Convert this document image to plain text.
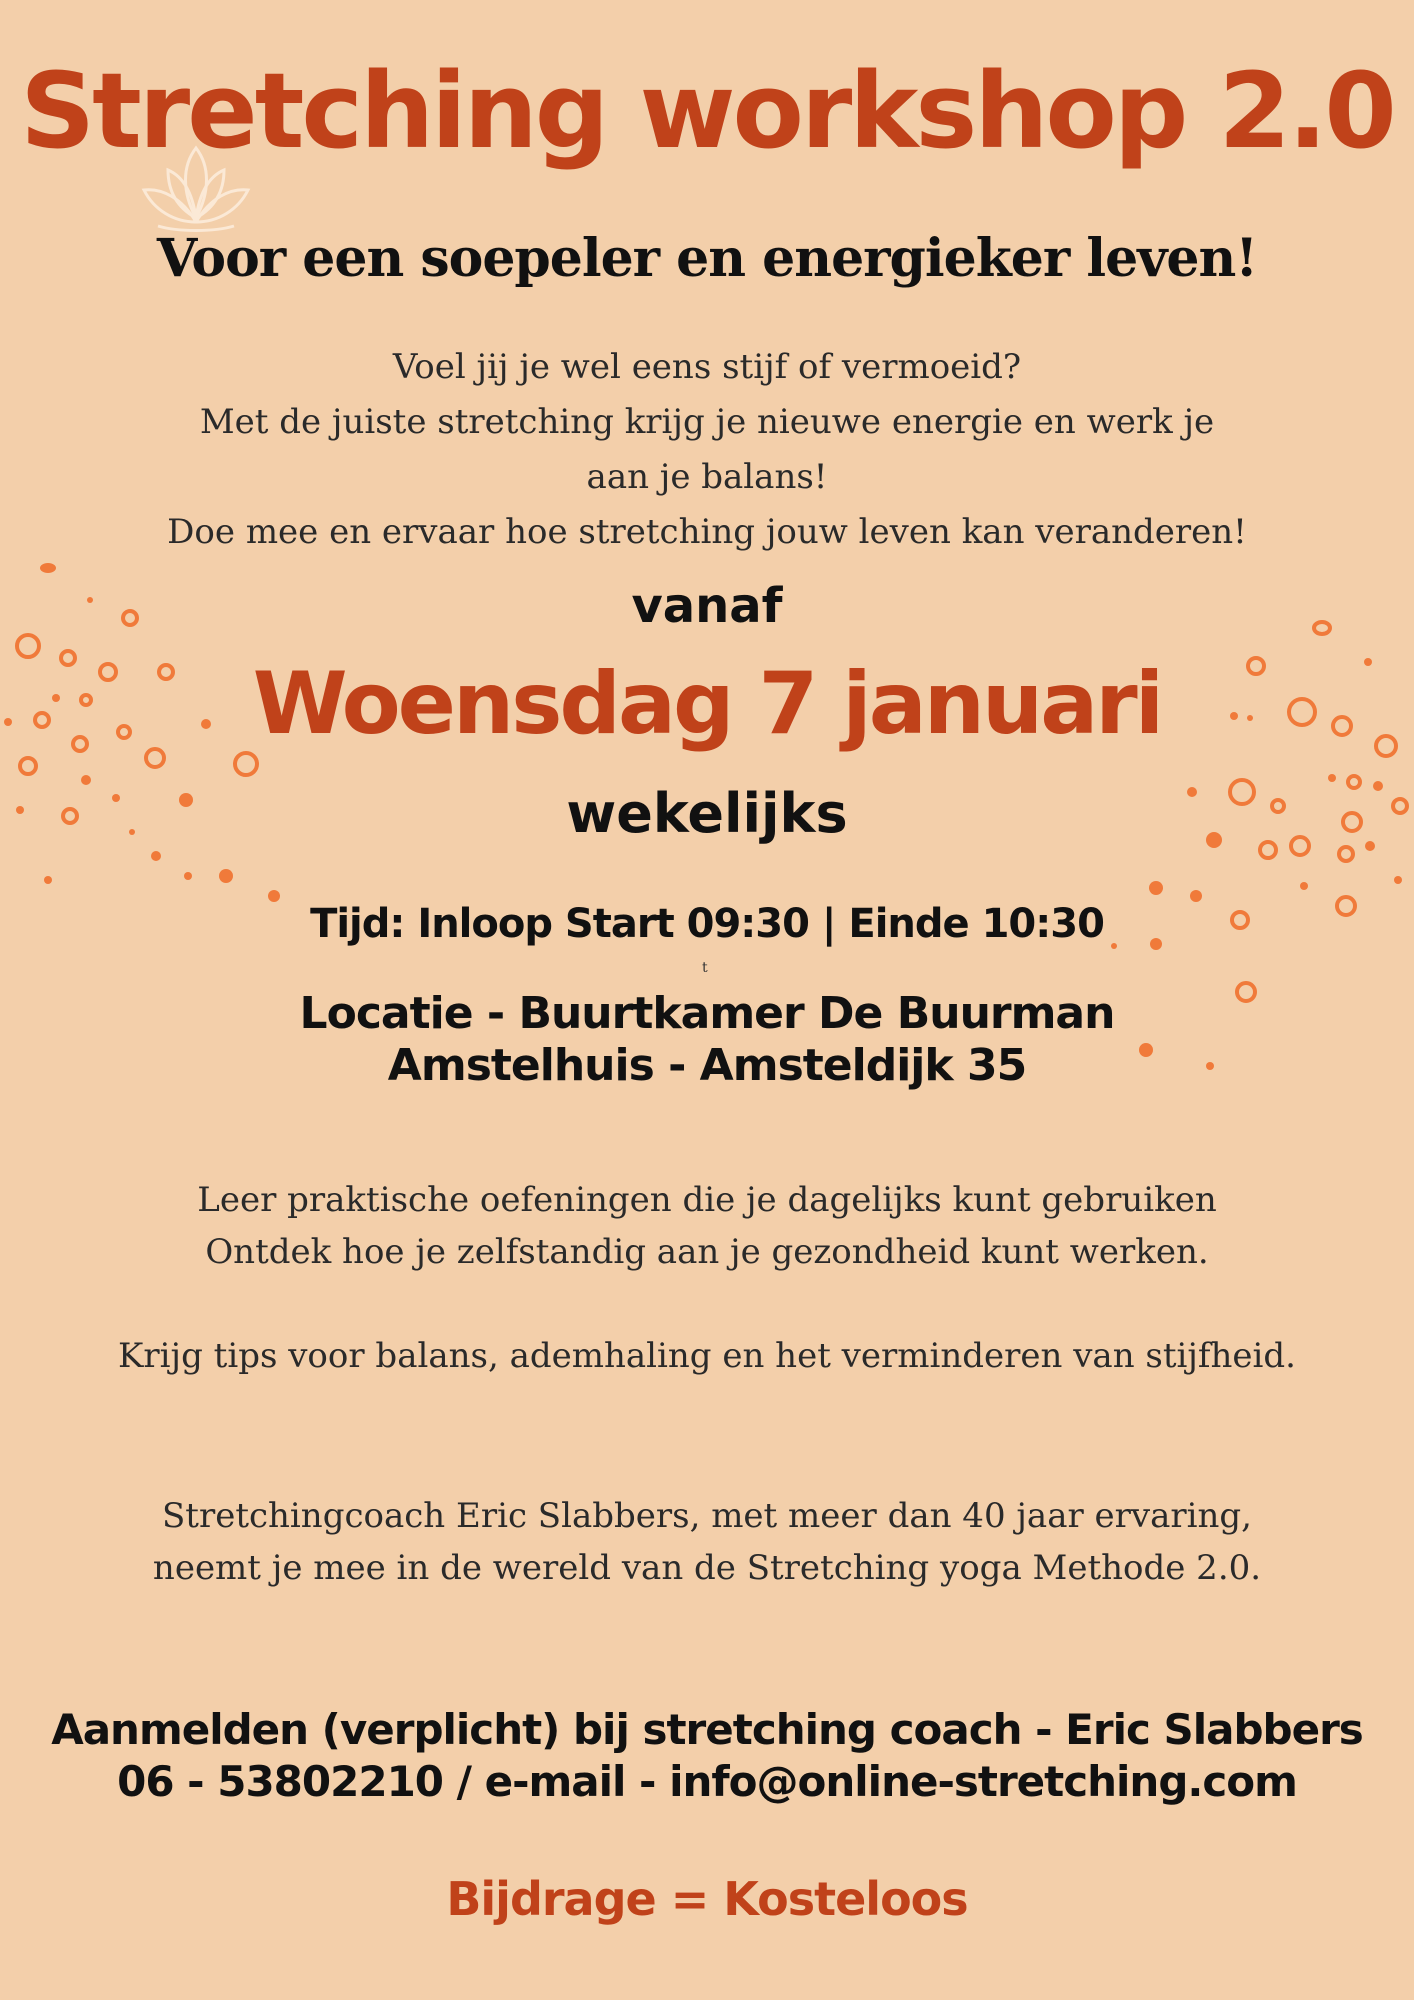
Stretching workshop 2.0
Voor een soepeler en energieker leven!
Voel jij je wel eens stijf of vermoeid?
Met de juiste stretching krijg je nieuwe energie en werk je
aan je balans!
Doe mee en ervaar hoe stretching jouw leven kan veranderen!
vanaf
Woensdag 7 januari
wekelijks
Tijd: Inloop Start 09:30 | Einde 10:30
t
Locatie - Buurtkamer De Buurman
Amstelhuis - Amsteldijk 35
Leer praktische oefeningen die je dagelijks kunt gebruiken
Ontdek hoe je zelfstandig aan je gezondheid kunt werken.
Krijg tips voor balans, ademhaling en het verminderen van stijfheid.
Stretchingcoach Eric Slabbers, met meer dan 40 jaar ervaring,
neemt je mee in de wereld van de Stretching yoga Methode 2.0.
Aanmelden (verplicht) bij stretching coach - Eric Slabbers
06 - 53802210 / e-mail - info@online-stretching.com
Bijdrage = Kosteloos
